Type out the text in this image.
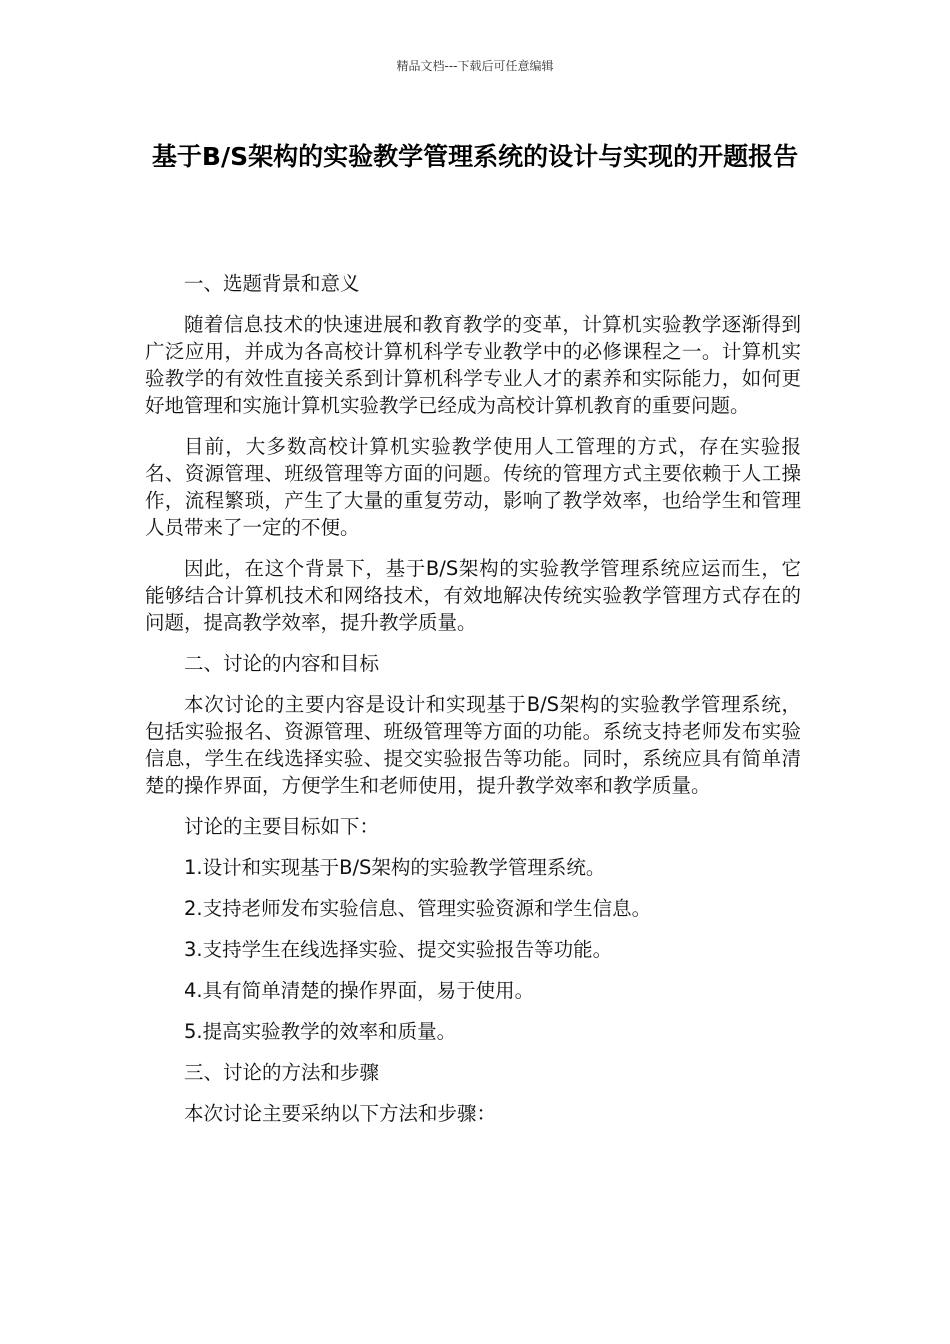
精品文档---下载后可任意编辑
基于B/S架构的实验教学管理系统的设计与实现的开题报告

一、选题背景和意义

随着信息技术的快速进展和教育教学的变革，计算机实验教学逐渐得到广泛应用，并成为各高校计算机科学专业教学中的必修课程之一。计算机实验教学的有效性直接关系到计算机科学专业人才的素养和实际能力，如何更好地管理和实施计算机实验教学已经成为高校计算机教育的重要问题。

目前，大多数高校计算机实验教学使用人工管理的方式，存在实验报名、资源管理、班级管理等方面的问题。传统的管理方式主要依赖于人工操作，流程繁琐，产生了大量的重复劳动，影响了教学效率，也给学生和管理人员带来了一定的不便。

因此，在这个背景下，基于B/S架构的实验教学管理系统应运而生，它能够结合计算机技术和网络技术，有效地解决传统实验教学管理方式存在的问题，提高教学效率，提升教学质量。

二、讨论的内容和目标

本次讨论的主要内容是设计和实现基于B/S架构的实验教学管理系统，包括实验报名、资源管理、班级管理等方面的功能。系统支持老师发布实验信息，学生在线选择实验、提交实验报告等功能。同时，系统应具有简单清楚的操作界面，方便学生和老师使用，提升教学效率和教学质量。

讨论的主要目标如下：

1.设计和实现基于B/S架构的实验教学管理系统。

2.支持老师发布实验信息、管理实验资源和学生信息。

3.支持学生在线选择实验、提交实验报告等功能。

4.具有简单清楚的操作界面，易于使用。

5.提高实验教学的效率和质量。

三、讨论的方法和步骤

本次讨论主要采纳以下方法和步骤：
